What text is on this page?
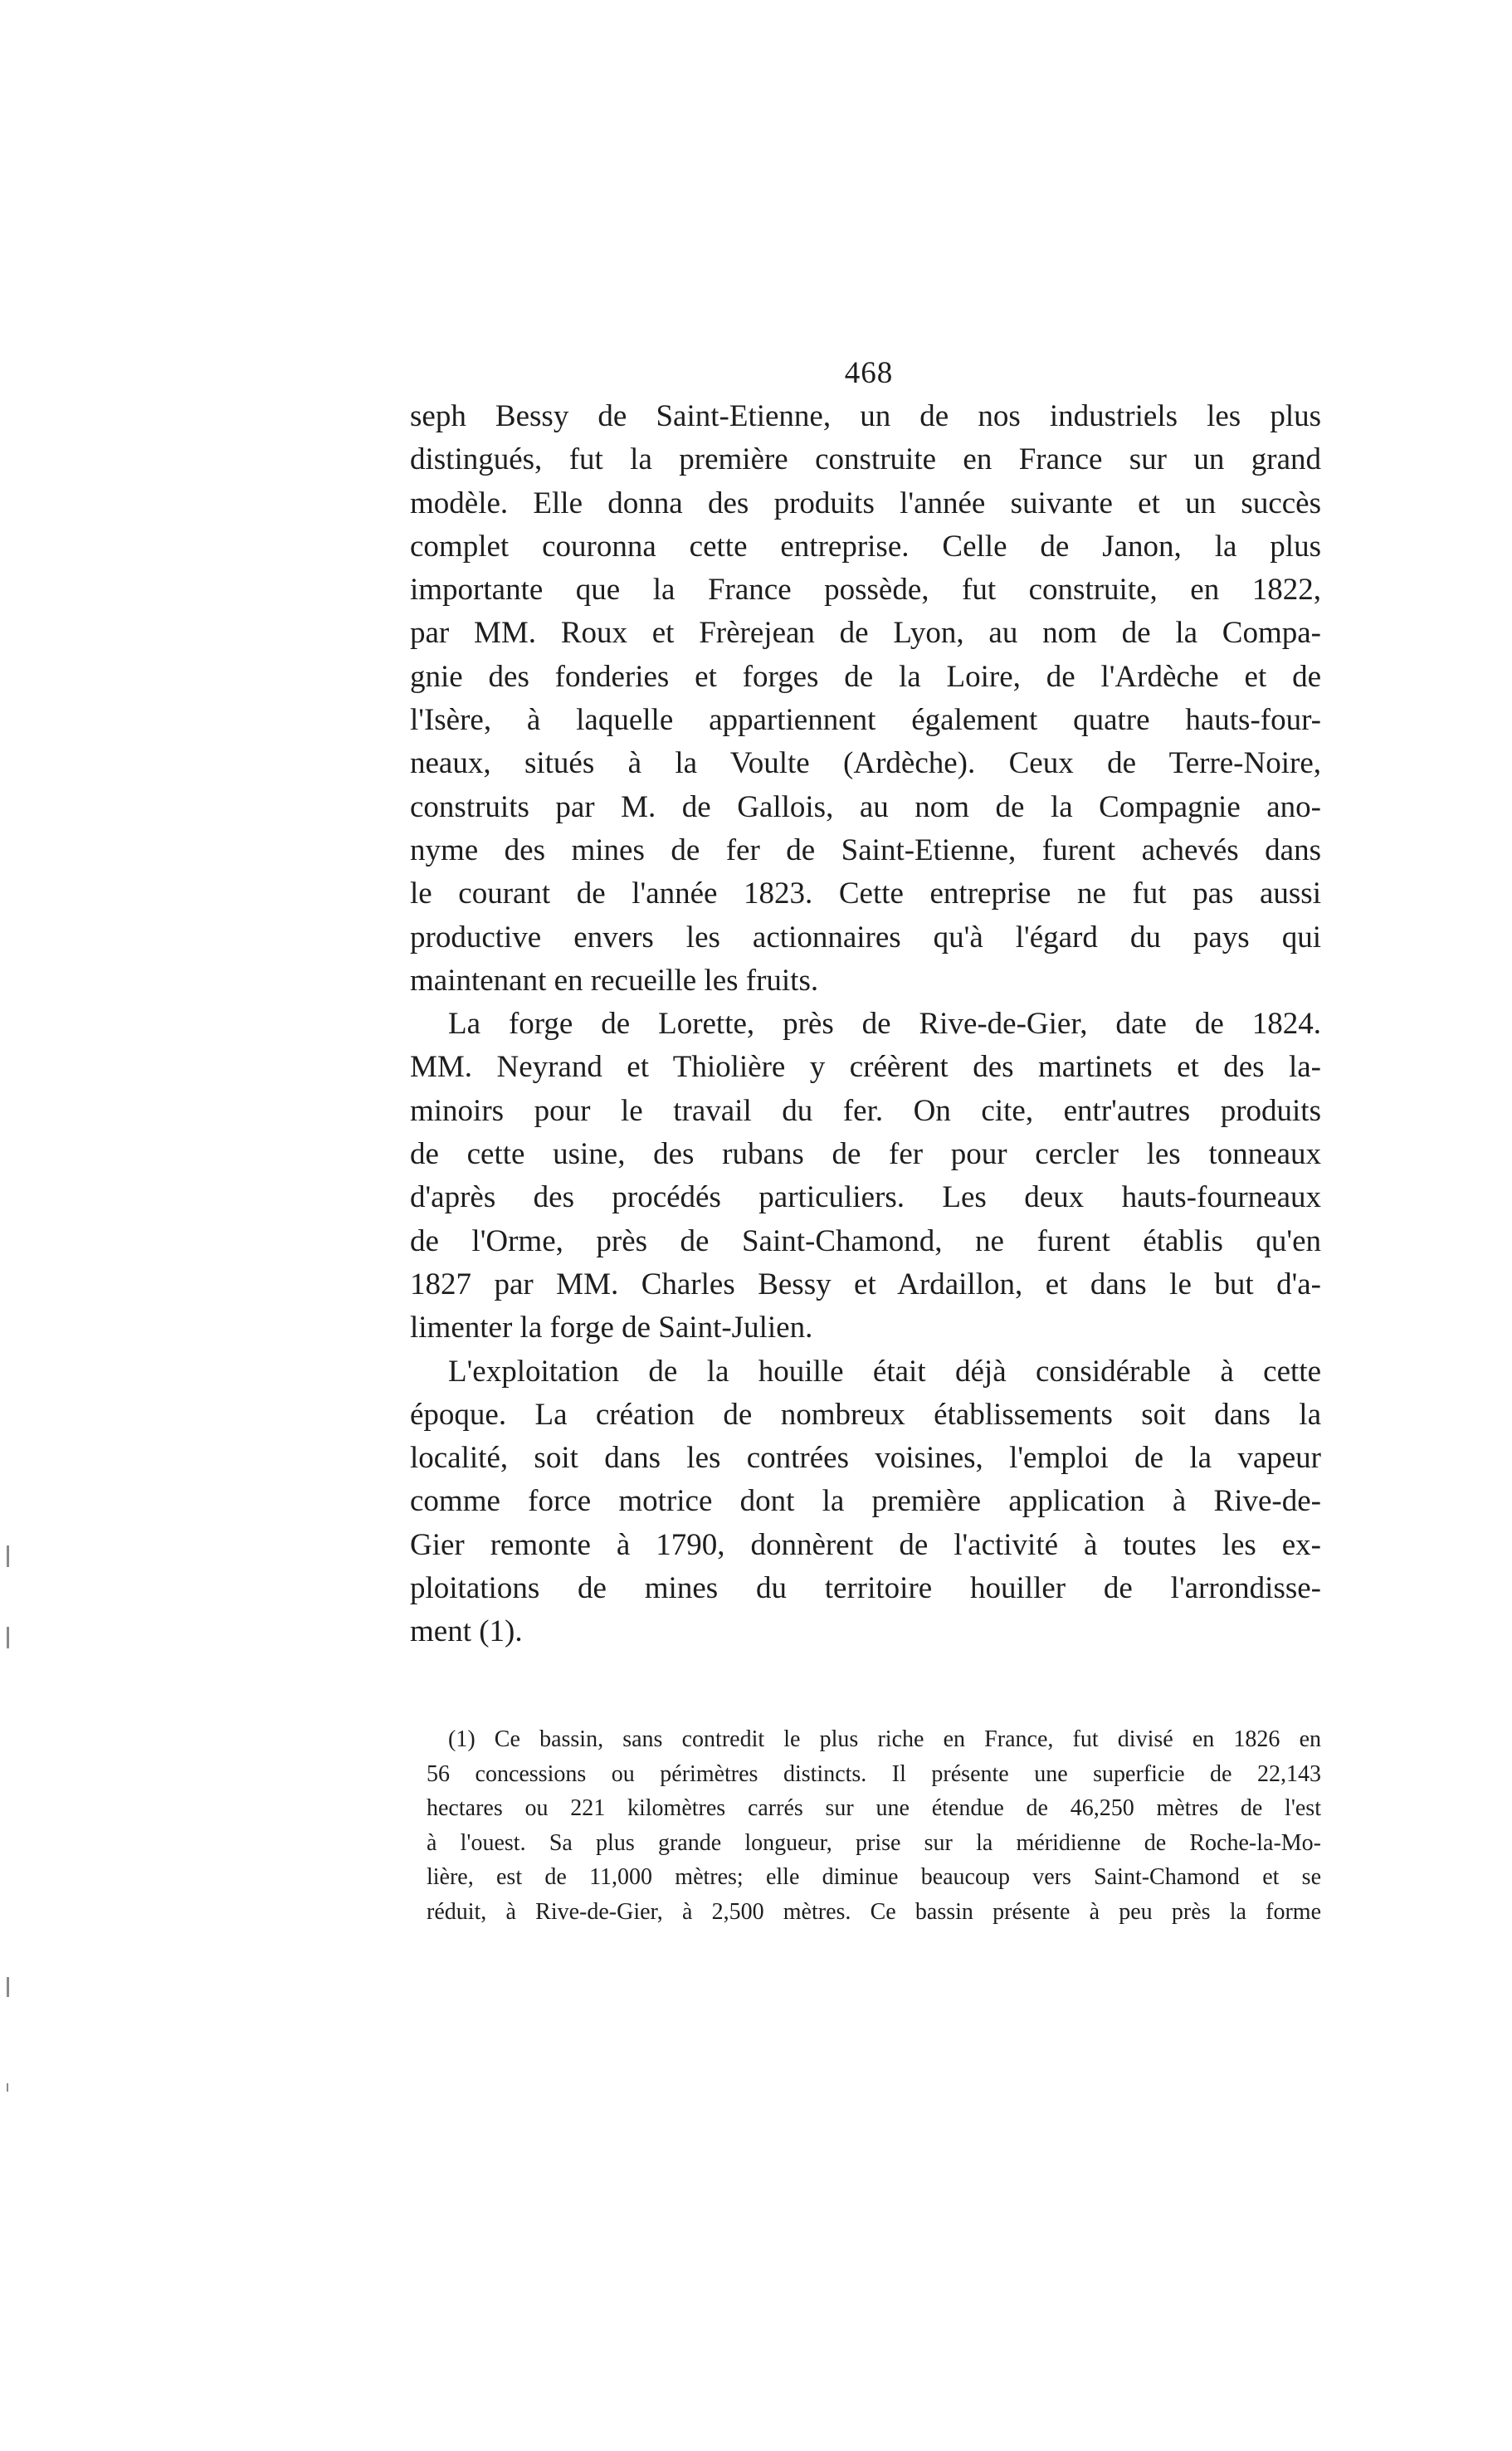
468
seph Bessy de Saint-Etienne, un de nos industriels les plus
distingués, fut la première construite en France sur un grand
modèle. Elle donna des produits l'année suivante et un succès
complet couronna cette entreprise. Celle de Janon, la plus
importante que la France possède, fut construite, en 1822,
par MM. Roux et Frèrejean de Lyon, au nom de la Compa-
gnie des fonderies et forges de la Loire, de l'Ardèche et de
l'Isère, à laquelle appartiennent également quatre hauts-four-
neaux, situés à la Voulte (Ardèche). Ceux de Terre-Noire,
construits par M. de Gallois, au nom de la Compagnie ano-
nyme des mines de fer de Saint-Etienne, furent achevés dans
le courant de l'année 1823. Cette entreprise ne fut pas aussi
productive envers les actionnaires qu'à l'égard du pays qui
maintenant en recueille les fruits.
La forge de Lorette, près de Rive-de-Gier, date de 1824.
MM. Neyrand et Thiolière y créèrent des martinets et des la-
minoirs pour le travail du fer. On cite, entr'autres produits
de cette usine, des rubans de fer pour cercler les tonneaux
d'après des procédés particuliers. Les deux hauts-fourneaux
de l'Orme, près de Saint-Chamond, ne furent établis qu'en
1827 par MM. Charles Bessy et Ardaillon, et dans le but d'a-
limenter la forge de Saint-Julien.
L'exploitation de la houille était déjà considérable à cette
époque. La création de nombreux établissements soit dans la
localité, soit dans les contrées voisines, l'emploi de la vapeur
comme force motrice dont la première application à Rive-de-
Gier remonte à 1790, donnèrent de l'activité à toutes les ex-
ploitations de mines du territoire houiller de l'arrondisse-
ment (1).
(1) Ce bassin, sans contredit le plus riche en France, fut divisé en 1826 en
56 concessions ou périmètres distincts. Il présente une superficie de 22,143
hectares ou 221 kilomètres carrés sur une étendue de 46,250 mètres de l'est
à l'ouest. Sa plus grande longueur, prise sur la méridienne de Roche-la-Mo-
lière, est de 11,000 mètres; elle diminue beaucoup vers Saint-Chamond et se
réduit, à Rive-de-Gier, à 2,500 mètres. Ce bassin présente à peu près la forme
